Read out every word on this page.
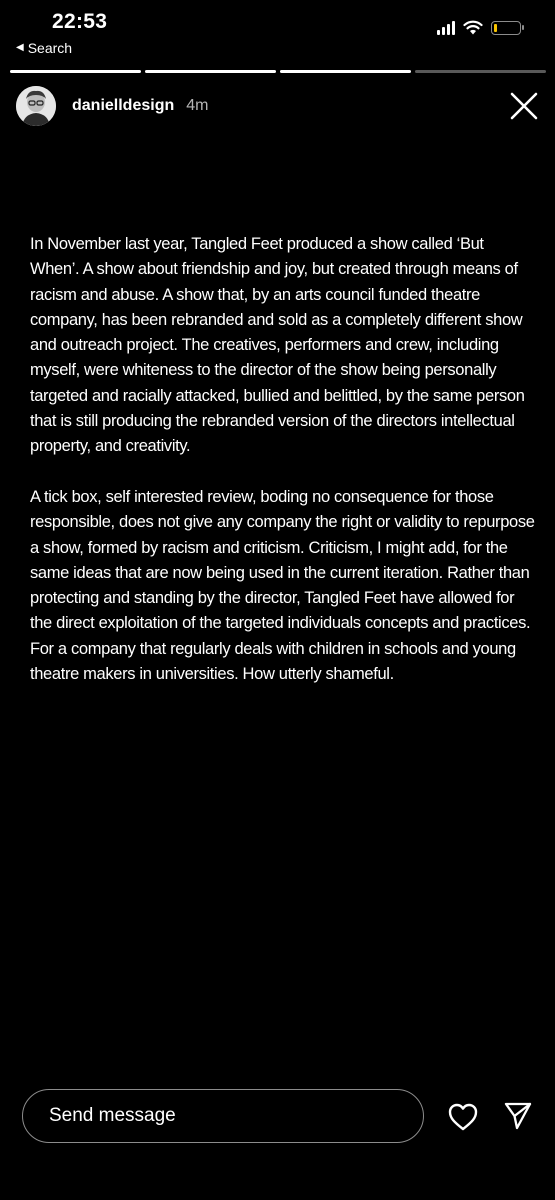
22:53
◀ Search
danielldesign 4m

In November last year, Tangled Feet produced a show called ‘But When’. A show about friendship and joy, but created through means of racism and abuse. A show that, by an arts council funded theatre company, has been rebranded and sold as a completely different show and outreach project. The creatives, performers and crew, including myself, were whiteness to the director of the show being personally targeted and racially attacked, bullied and belittled, by the same person that is still producing the rebranded version of the directors intellectual property, and creativity.

A tick box, self interested review, boding no consequence for those responsible, does not give any company the right or validity to repurpose a show, formed by racism and criticism. Criticism, I might add, for the same ideas that are now being used in the current iteration. Rather than protecting and standing by the director, Tangled Feet have allowed for the direct exploitation of the targeted individuals concepts and practices. For a company that regularly deals with children in schools and young theatre makers in universities. How utterly shameful.

Send message
